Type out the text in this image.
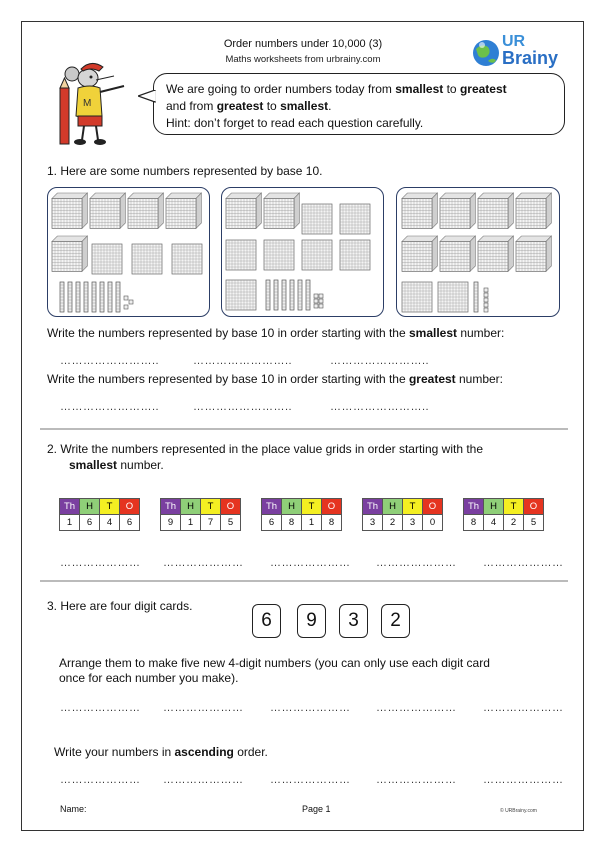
Order numbers under 10,000 (3)
Maths worksheets from urbrainy.com
UR
Brainy
M
We are going to order numbers today from smallest to greatest
and from greatest to smallest.
Hint: don’t forget to read each question carefully.
1. Here are some numbers represented by base 10.
Write the numbers represented by base 10 in order starting with the smallest number:
……………………..	……………………..	……………………..
Write the numbers represented by base 10 in order starting with the greatest number:
……………………..	……………………..	……………………..
2. Write the numbers represented in the place value grids in order starting with the
smallest number.
Th	H	T	O
1	6	4	6
Th	H	T	O
9	1	7	5
Th	H	T	O
6	8	1	8
Th	H	T	O
3	2	3	0
Th	H	T	O
8	4	2	5
………………… ………………… ………………… ………………… …………………
3. Here are four digit cards.
6	9	3	2
Arrange them to make five new 4-digit numbers (you can only use each digit card
once for each number you make).
………………… ………………… ………………… ………………… …………………
Write your numbers in ascending order.
………………… ………………… ………………… ………………… …………………
Name:	Page 1	© URBrainy.com
